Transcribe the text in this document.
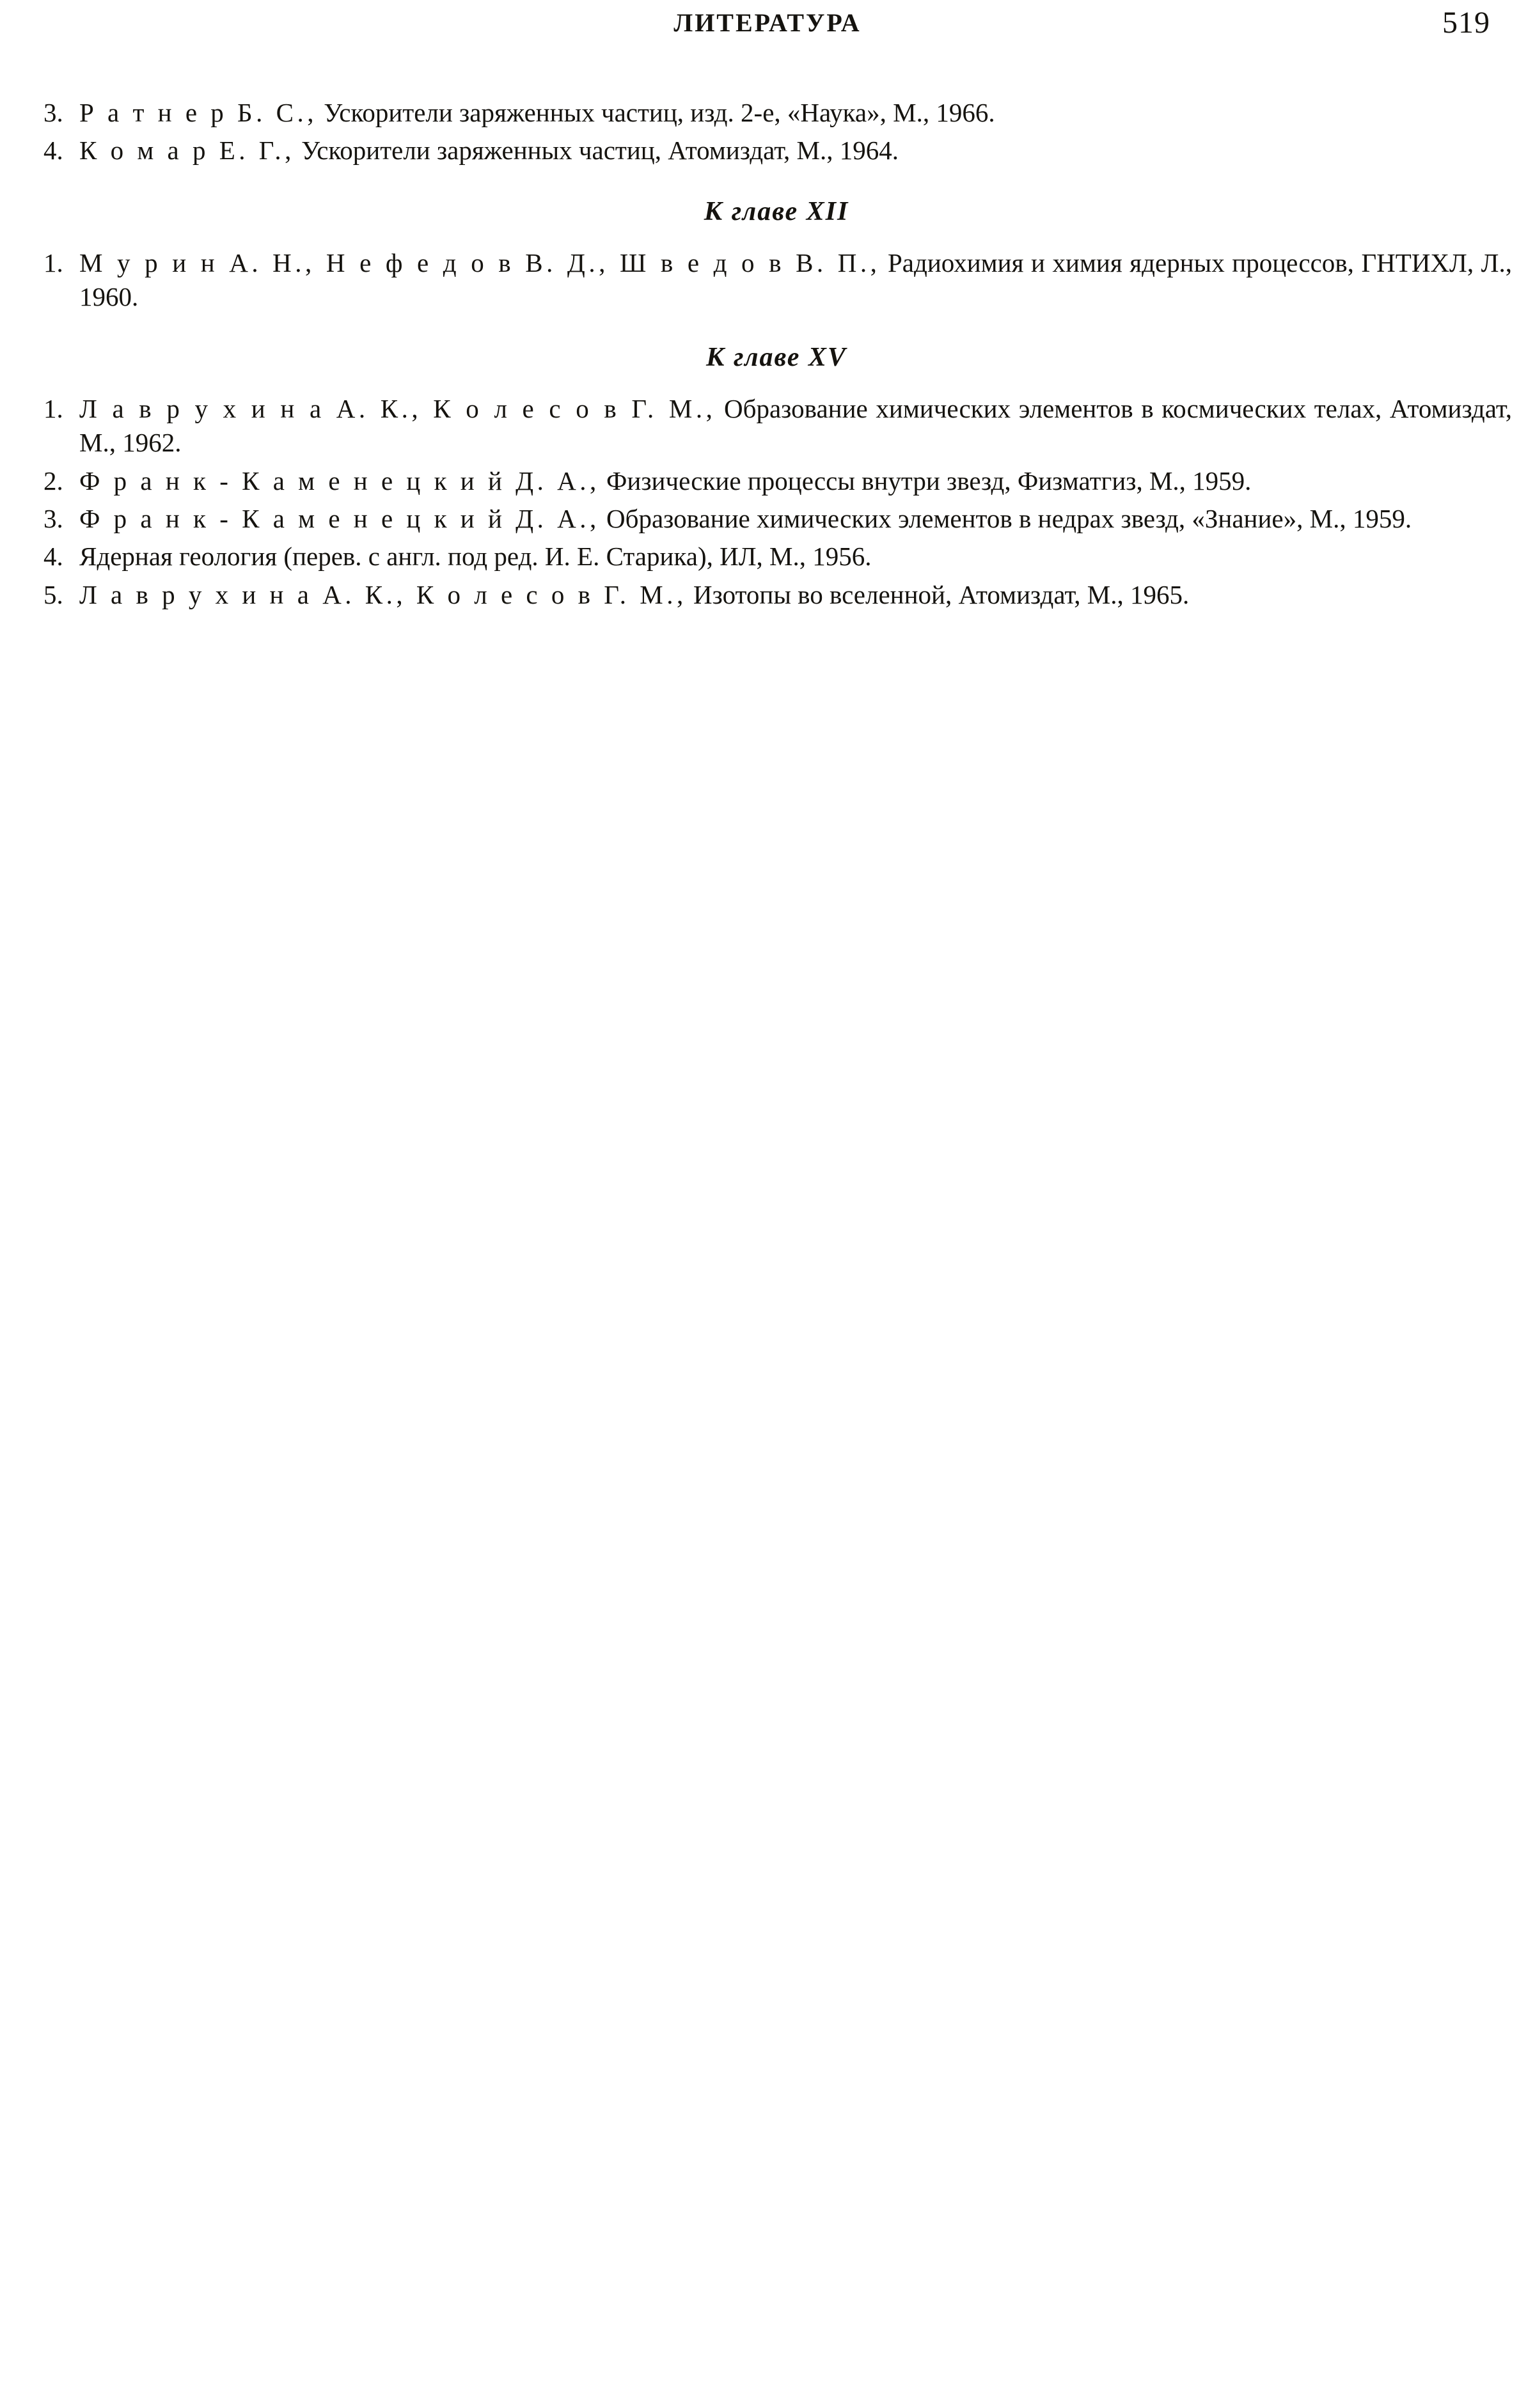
ЛИТЕРАТУРА	519
3. Р а т н е р Б. С., Ускорители заряженных частиц, изд. 2-е, «Наука», М., 1966.
4. К о м а р Е. Г., Ускорители заряженных частиц, Атомиздат, М., 1964.
К главе XII
1. М у р и н А. Н., Н е ф е д о в В. Д., Ш в е д о в В. П., Радиохимия и химия ядерных процессов, ГНТИХЛ, Л., 1960.
К главе XV
1. Л а в р у х и н а А. К., К о л е с о в Г. М., Образование химических элементов в космических телах, Атомиздат, М., 1962.
2. Ф р а н к - К а м е н е ц к и й Д. А., Физические процессы внутри звезд, Физматгиз, М., 1959.
3. Ф р а н к - К а м е н е ц к и й Д. А., Образование химических элементов в недрах звезд, «Знание», М., 1959.
4. Ядерная геология (перев. с англ. под ред. И. Е. Старика), ИЛ, М., 1956.
5. Л а в р у х и н а А. К., К о л е с о в Г. М., Изотопы во вселенной, Атомиздат, М., 1965.
